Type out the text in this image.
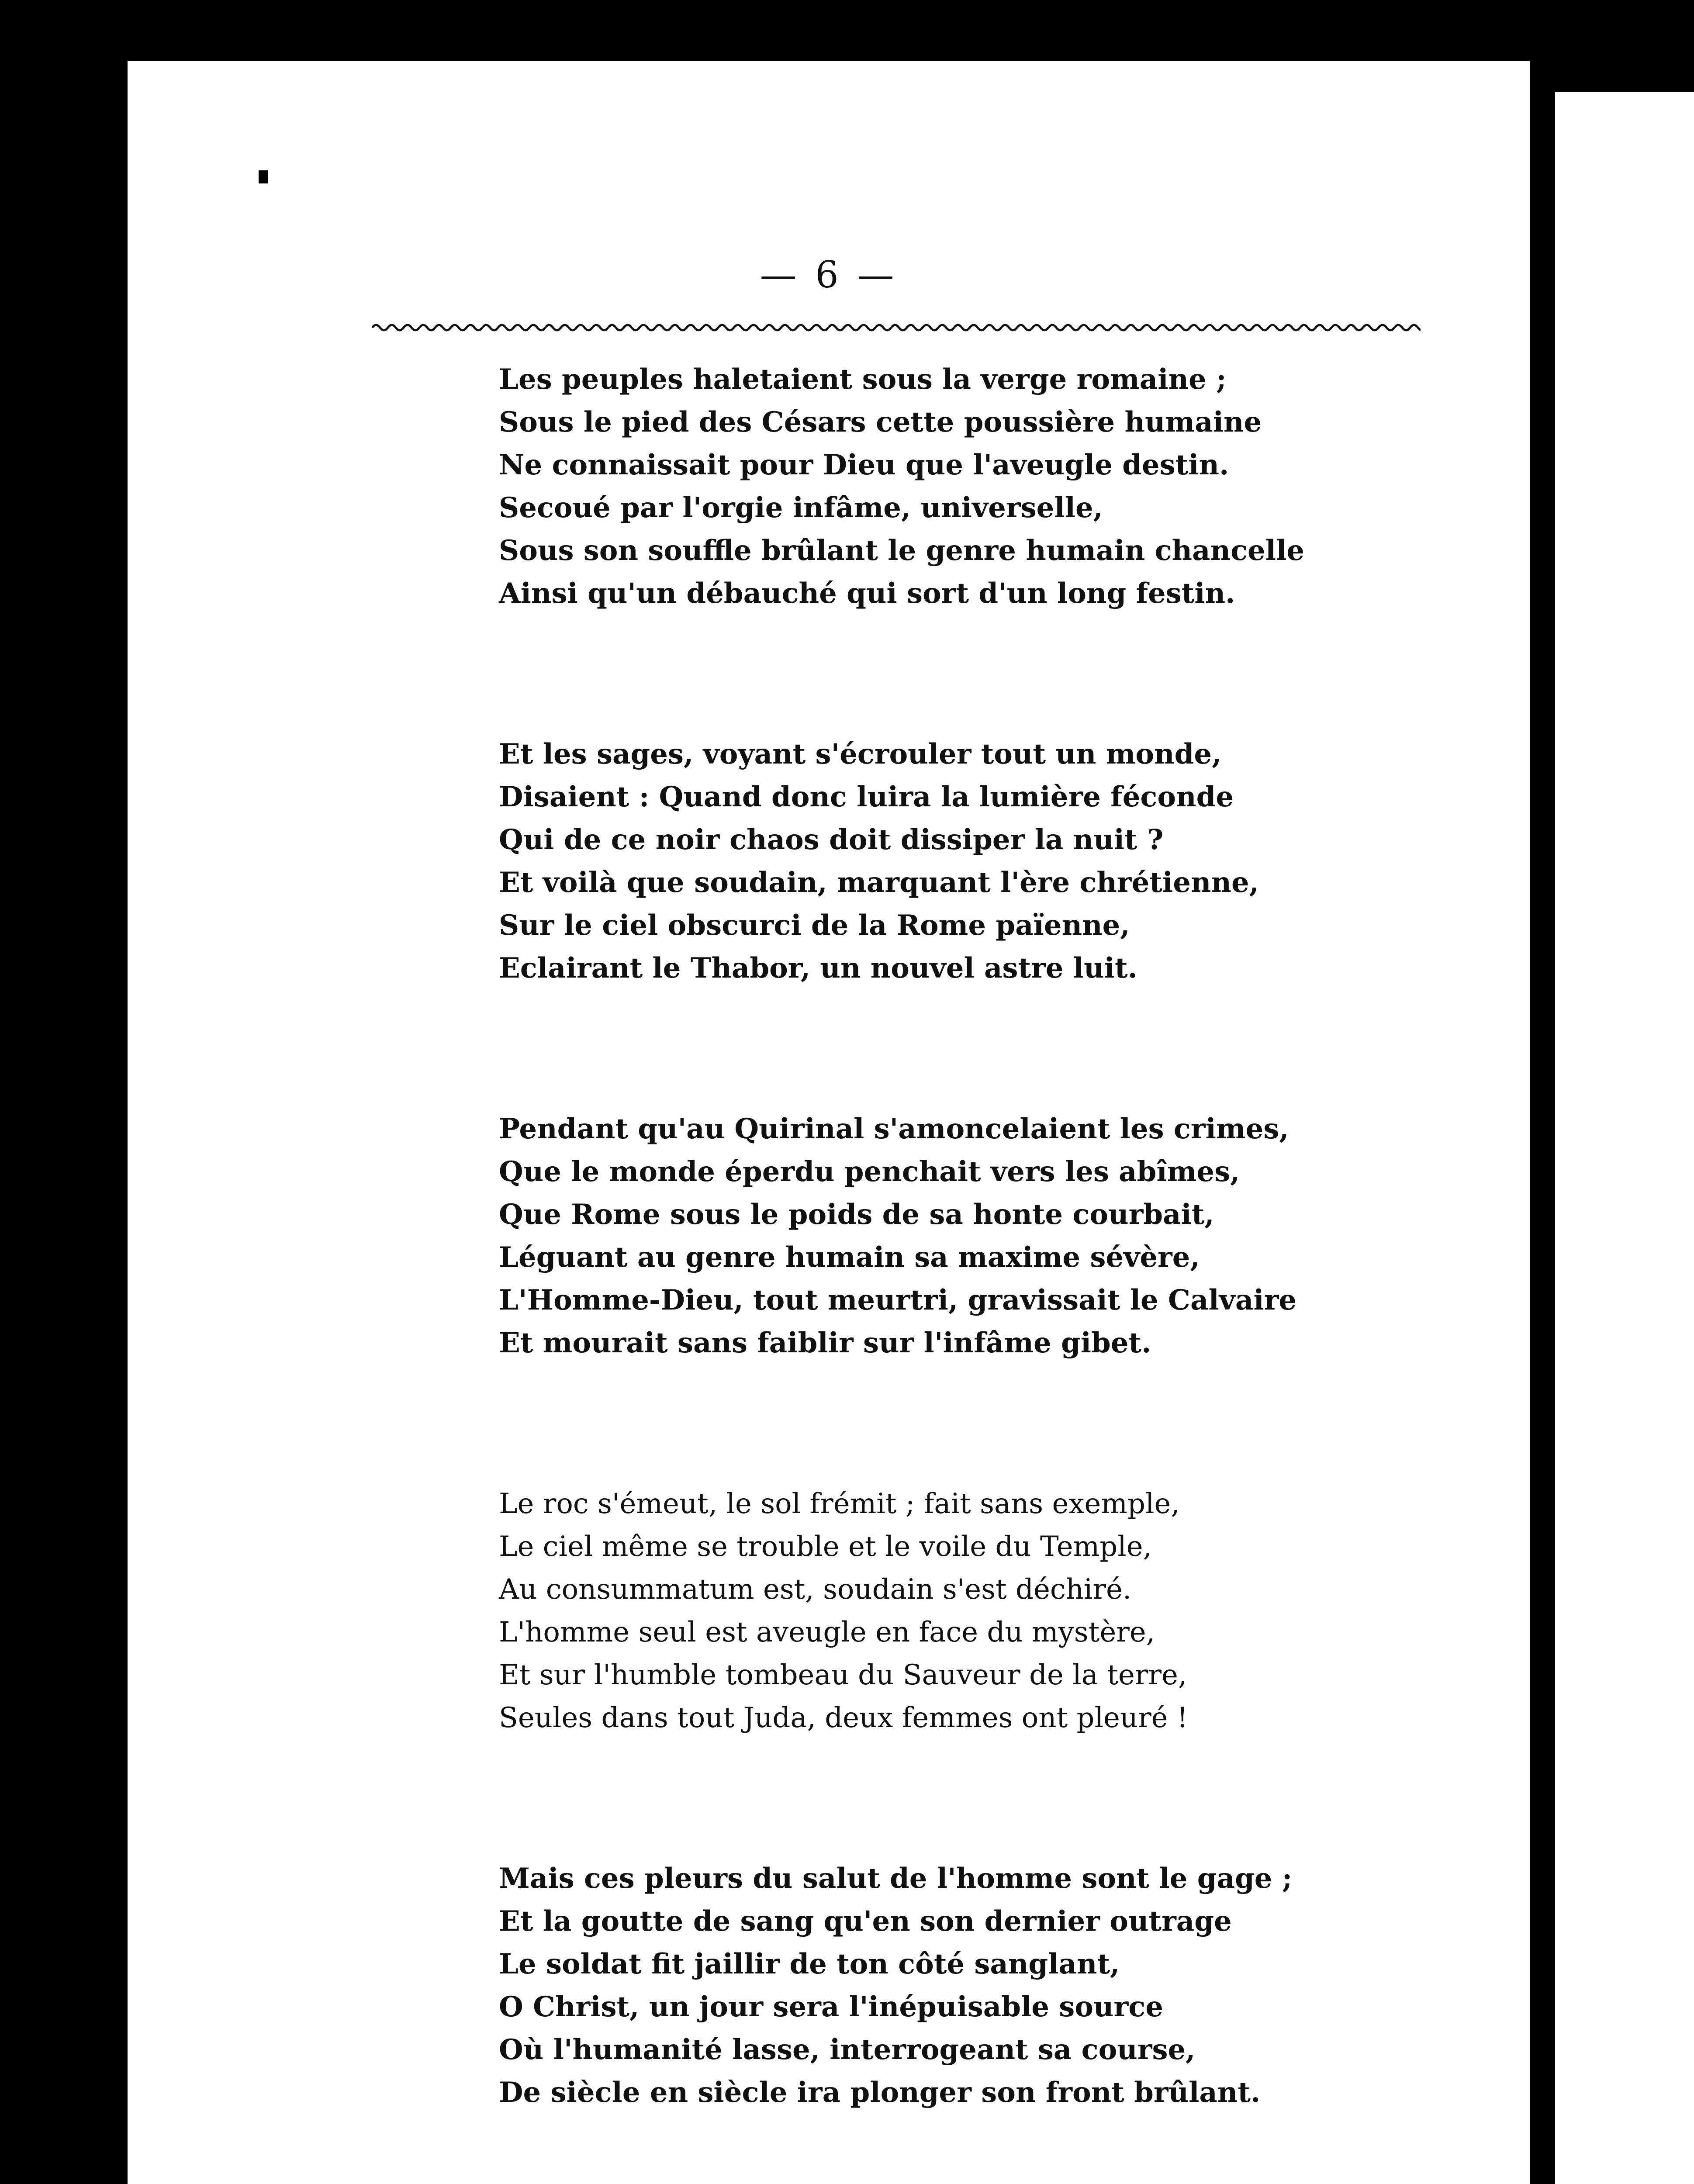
— 6 —
Les peuples haletaient sous la verge romaine ;
Sous le pied des Césars cette poussière humaine
Ne connaissait pour Dieu que l'aveugle destin.
Secoué par l'orgie infâme, universelle,
Sous son souffle brûlant le genre humain chancelle
Ainsi qu'un débauché qui sort d'un long festin.
Et les sages, voyant s'écrouler tout un monde,
Disaient : Quand donc luira la lumière féconde
Qui de ce noir chaos doit dissiper la nuit ?
Et voilà que soudain, marquant l'ère chrétienne,
Sur le ciel obscurci de la Rome païenne,
Eclairant le Thabor, un nouvel astre luit.
Pendant qu'au Quirinal s'amoncelaient les crimes,
Que le monde éperdu penchait vers les abîmes,
Que Rome sous le poids de sa honte courbait,
Léguant au genre humain sa maxime sévère,
L'Homme-Dieu, tout meurtri, gravissait le Calvaire
Et mourait sans faiblir sur l'infâme gibet.
Le roc s'émeut, le sol frémit ; fait sans exemple,
Le ciel même se trouble et le voile du Temple,
Au consummatum est, soudain s'est déchiré.
L'homme seul est aveugle en face du mystère,
Et sur l'humble tombeau du Sauveur de la terre,
Seules dans tout Juda, deux femmes ont pleuré !
Mais ces pleurs du salut de l'homme sont le gage ;
Et la goutte de sang qu'en son dernier outrage
Le soldat fit jaillir de ton côté sanglant,
O Christ, un jour sera l'inépuisable source
Où l'humanité lasse, interrogeant sa course,
De siècle en siècle ira plonger son front brûlant.
